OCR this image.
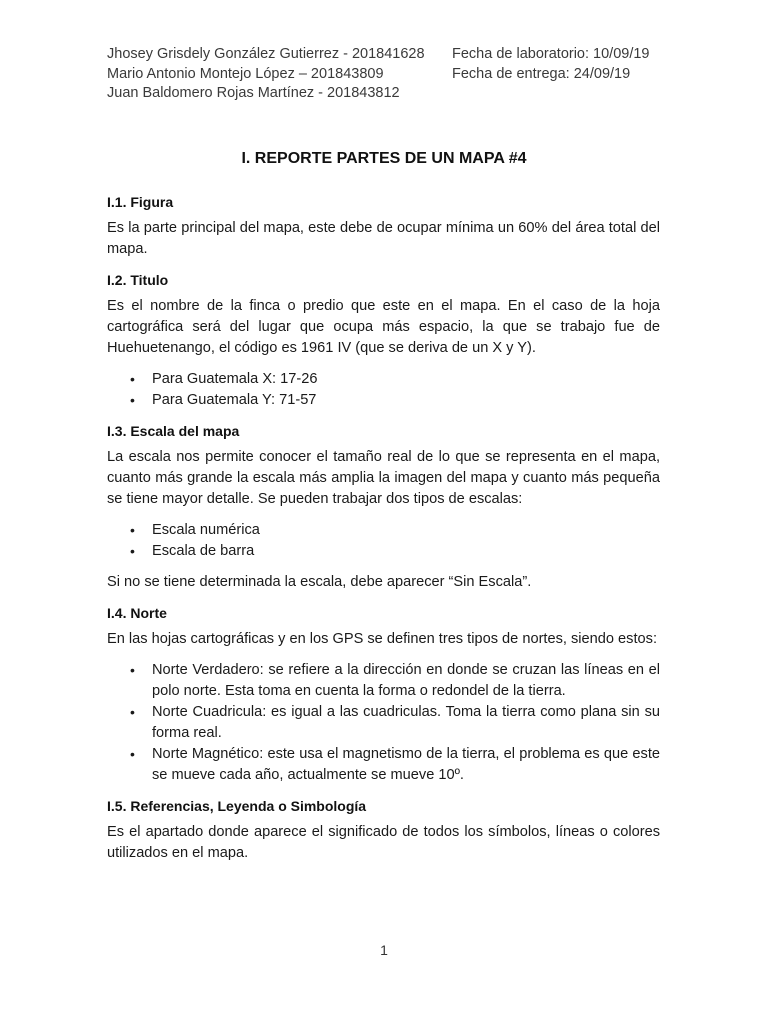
Jhosey Grisdely González Gutierrez - 201841628	Fecha de laboratorio: 10/09/19
Mario Antonio Montejo López – 201843809	Fecha de entrega: 24/09/19
Juan Baldomero Rojas Martínez - 201843812
I. REPORTE PARTES DE UN MAPA #4
I.1. Figura

Es la parte principal del mapa, este debe de ocupar mínima un 60% del área total del mapa.

I.2. Titulo

Es el nombre de la finca o predio que este en el mapa. En el caso de la hoja cartográfica será del lugar que ocupa más espacio, la que se trabajo fue de Huehuetenango, el código es 1961 IV (que se deriva de un X y Y).

• Para Guatemala X: 17-26
• Para Guatemala Y: 71-57
I.3. Escala del mapa

La escala nos permite conocer el tamaño real de lo que se representa en el mapa, cuanto más grande la escala más amplia la imagen del mapa y cuanto más pequeña se tiene mayor detalle. Se pueden trabajar dos tipos de escalas:

• Escala numérica
• Escala de barra

Si no se tiene determinada la escala, debe aparecer “Sin Escala”.

I.4. Norte

En las hojas cartográficas y en los GPS se definen tres tipos de nortes, siendo estos:

• Norte Verdadero: se refiere a la dirección en donde se cruzan las líneas en el polo norte. Esta toma en cuenta la forma o redondel de la tierra.
• Norte Cuadricula: es igual a las cuadriculas. Toma la tierra como plana sin su forma real.
• Norte Magnético: este usa el magnetismo de la tierra, el problema es que este se mueve cada año, actualmente se mueve 10º.
I.5. Referencias, Leyenda o Simbología

Es el apartado donde aparece el significado de todos los símbolos, líneas o colores utilizados en el mapa.

1
